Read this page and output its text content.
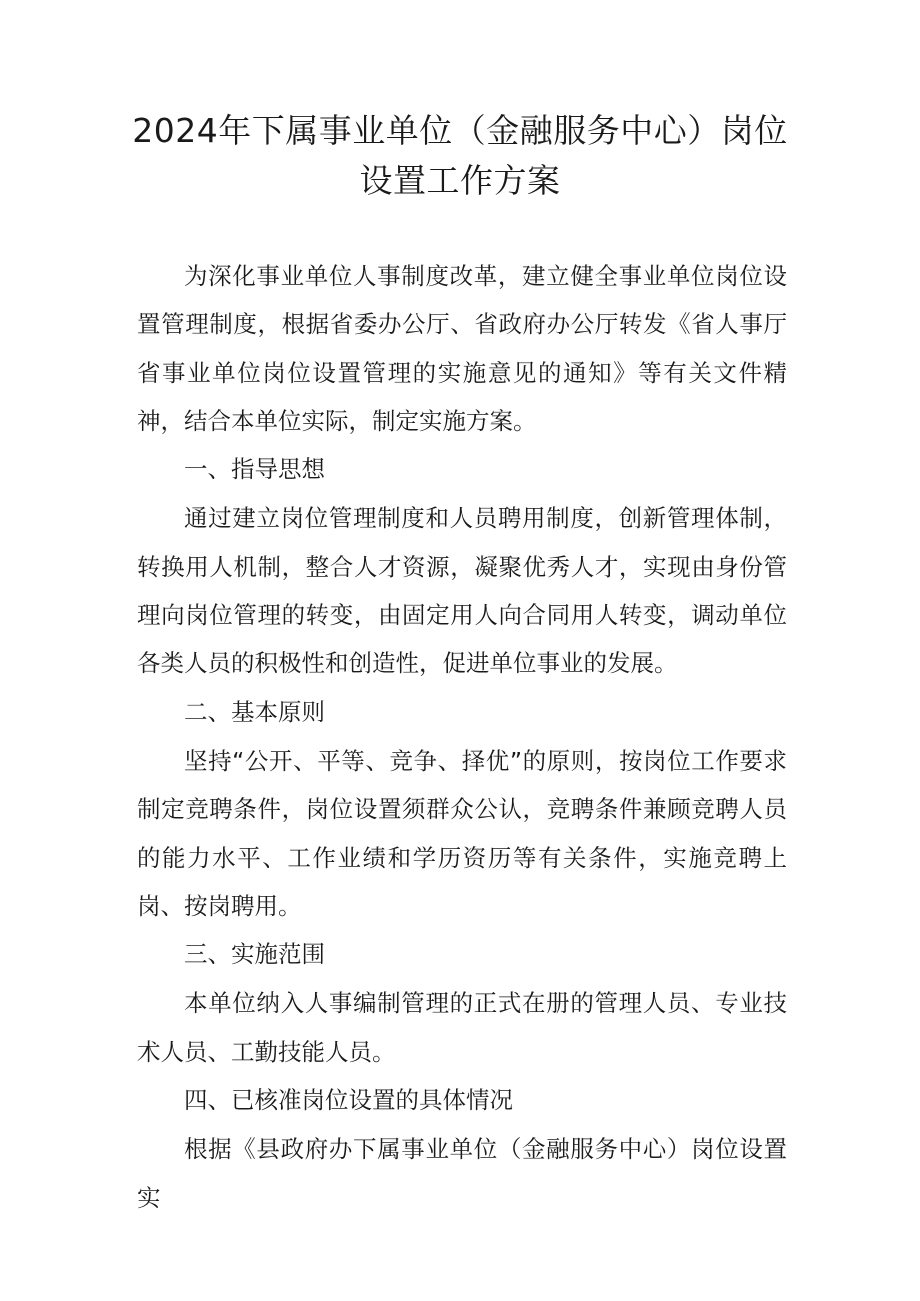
2024年下属事业单位（金融服务中心）岗位设置工作方案

为深化事业单位人事制度改革，建立健全事业单位岗位设置管理制度，根据省委办公厅、省政府办公厅转发《省人事厅省事业单位岗位设置管理的实施意见的通知》等有关文件精神，结合本单位实际，制定实施方案。

一、指导思想

通过建立岗位管理制度和人员聘用制度，创新管理体制，转换用人机制，整合人才资源，凝聚优秀人才，实现由身份管理向岗位管理的转变，由固定用人向合同用人转变，调动单位各类人员的积极性和创造性，促进单位事业的发展。

二、基本原则

坚持“公开、平等、竞争、择优”的原则，按岗位工作要求制定竞聘条件，岗位设置须群众公认，竞聘条件兼顾竞聘人员的能力水平、工作业绩和学历资历等有关条件，实施竞聘上岗、按岗聘用。

三、实施范围

本单位纳入人事编制管理的正式在册的管理人员、专业技术人员、工勤技能人员。

四、已核准岗位设置的具体情况

根据《县政府办下属事业单位（金融服务中心）岗位设置实
